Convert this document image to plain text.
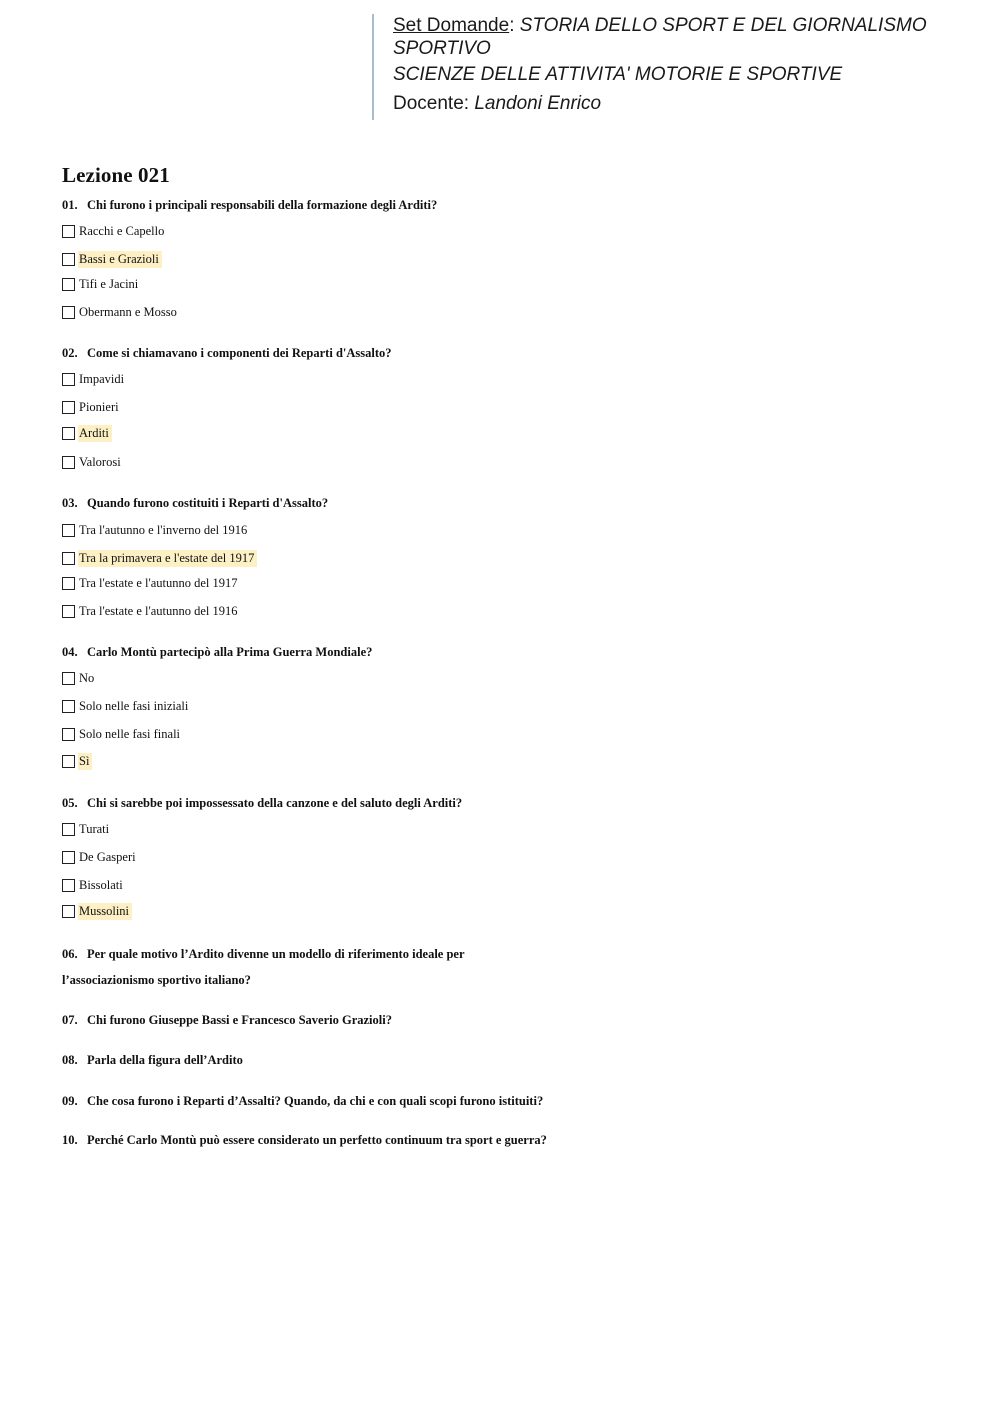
Set Domande: STORIA DELLO SPORT E DEL GIORNALISMO
SPORTIVO
SCIENZE DELLE ATTIVITA' MOTORIE E SPORTIVE
Docente: Landoni Enrico
Lezione 021
01. Chi furono i principali responsabili della formazione degli Arditi?
Racchi e Capello
Bassi e Grazioli
Tifi e Jacini
Obermann e Mosso
02. Come si chiamavano i componenti dei Reparti d'Assalto?
Impavidi
Pionieri
Arditi
Valorosi
03. Quando furono costituiti i Reparti d'Assalto?
Tra l'autunno e l'inverno del 1916
Tra la primavera e l'estate del 1917
Tra l'estate e l'autunno del 1917
Tra l'estate e l'autunno del 1916
04. Carlo Montù partecipò alla Prima Guerra Mondiale?
No
Solo nelle fasi iniziali
Solo nelle fasi finali
Sì
05. Chi si sarebbe poi impossessato della canzone e del saluto degli Arditi?
Turati
De Gasperi
Bissolati
Mussolini
06. Per quale motivo l’Ardito divenne un modello di riferimento ideale per
l’associazionismo sportivo italiano?
07. Chi furono Giuseppe Bassi e Francesco Saverio Grazioli?
08. Parla della figura dell’Ardito
09. Che cosa furono i Reparti d’Assalti? Quando, da chi e con quali scopi furono istituiti?
10. Perché Carlo Montù può essere considerato un perfetto continuum tra sport e guerra?
